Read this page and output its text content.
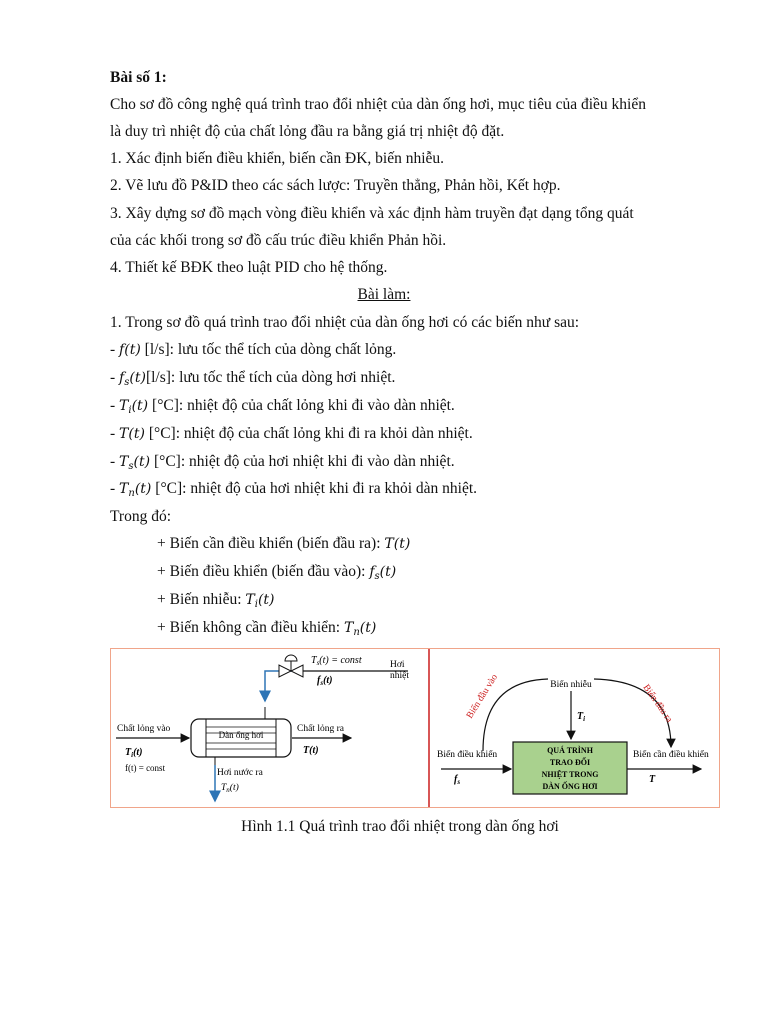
Bài số 1:
Cho sơ đồ công nghệ quá trình trao đổi nhiệt của dàn ống hơi, mục tiêu của điều khiển
là duy trì nhiệt độ của chất lỏng đầu ra bằng giá trị nhiệt độ đặt.
1. Xác định biến điều khiển, biến cần ĐK, biến nhiễu.
2. Vẽ lưu đồ P&ID theo các sách lược: Truyền thẳng, Phản hồi, Kết hợp.
3. Xây dựng sơ đồ mạch vòng điều khiển và xác định hàm truyền đạt dạng tổng quát
của các khối trong sơ đồ cấu trúc điều khiển Phản hồi.
4. Thiết kế BĐK theo luật PID cho hệ thống.
Bài làm:
1. Trong sơ đồ quá trình trao đổi nhiệt của dàn ống hơi có các biến như sau:
- f(t) [l/s]: lưu tốc thể tích của dòng chất lỏng.
- $f_s(t)[l/s]$: lưu tốc thể tích của dòng hơi nhiệt.
- $T_i(t)$ [°C]: nhiệt độ của chất lỏng khi đi vào dàn nhiệt.
- T(t) [°C]: nhiệt độ của chất lỏng khi đi ra khỏi dàn nhiệt.
- $T_s(t)$ [°C]: nhiệt độ của hơi nhiệt khi đi vào dàn nhiệt.
- $T_n(t)$ [°C]: nhiệt độ của hơi nhiệt khi đi ra khỏi dàn nhiệt.
Trong đó:
+ Biến cần điều khiển (biến đầu ra): T(t)
+ Biến điều khiển (biến đầu vào): $f_s(t)$
+ Biến nhiễu: $T_i(t)$
+ Biến không cần điều khiển: $T_n(t)$
$T_s(t)$ = const	Hơi
nhiệt
$f_s(t)$
Dàn ống hơi
Chất lỏng vào
$T_i(t)$
f(t) = const
Chất lỏng ra
T(t)
Hơi nước ra
$T_n(t)$
Biến đầu vào	Biến đầu ra
Biến nhiễu
$T_i$
QUÁ TRÌNH
TRAO ĐỔI
NHIỆT TRONG
DÀN ỐNG HƠI
Biến điều khiển
$f_s$
Biến cần điều khiển
T
Hình 1.1 Quá trình trao đổi nhiệt trong dàn ống hơi
